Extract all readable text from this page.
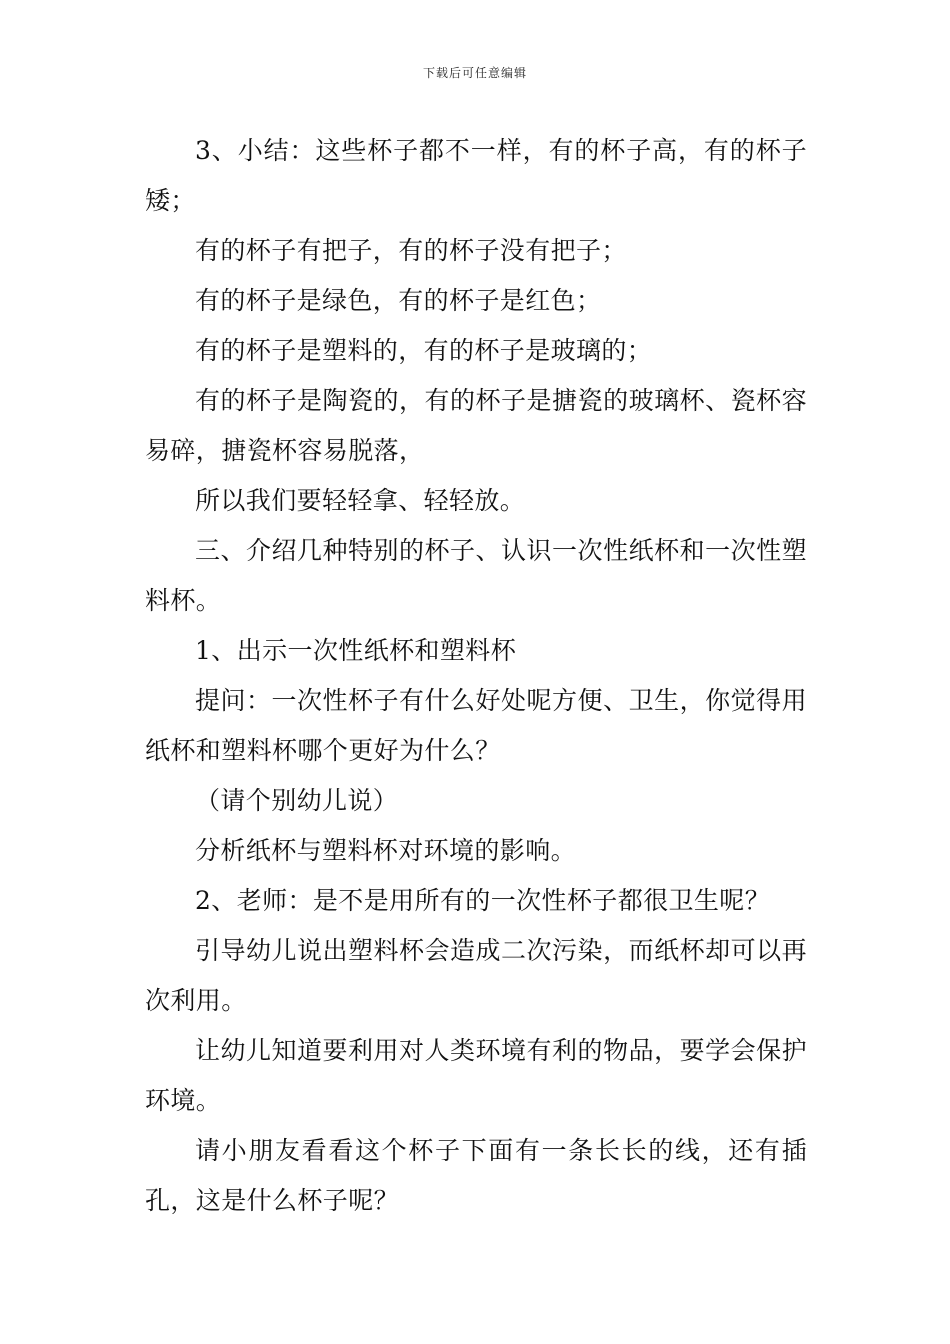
下载后可任意编辑

3、小结：这些杯子都不一样，有的杯子高，有的杯子矮；

有的杯子有把子，有的杯子没有把子；

有的杯子是绿色，有的杯子是红色；

有的杯子是塑料的，有的杯子是玻璃的；

有的杯子是陶瓷的，有的杯子是搪瓷的玻璃杯、瓷杯容易碎，搪瓷杯容易脱落，

所以我们要轻轻拿、轻轻放。

三、介绍几种特别的杯子、认识一次性纸杯和一次性塑料杯。

1、出示一次性纸杯和塑料杯

提问：一次性杯子有什么好处呢方便、卫生，你觉得用纸杯和塑料杯哪个更好为什么？

（请个别幼儿说）

分析纸杯与塑料杯对环境的影响。

2、老师：是不是用所有的一次性杯子都很卫生呢？

引导幼儿说出塑料杯会造成二次污染，而纸杯却可以再次利用。

让幼儿知道要利用对人类环境有利的物品，要学会保护环境。

请小朋友看看这个杯子下面有一条长长的线，还有插孔，这是什么杯子呢？
